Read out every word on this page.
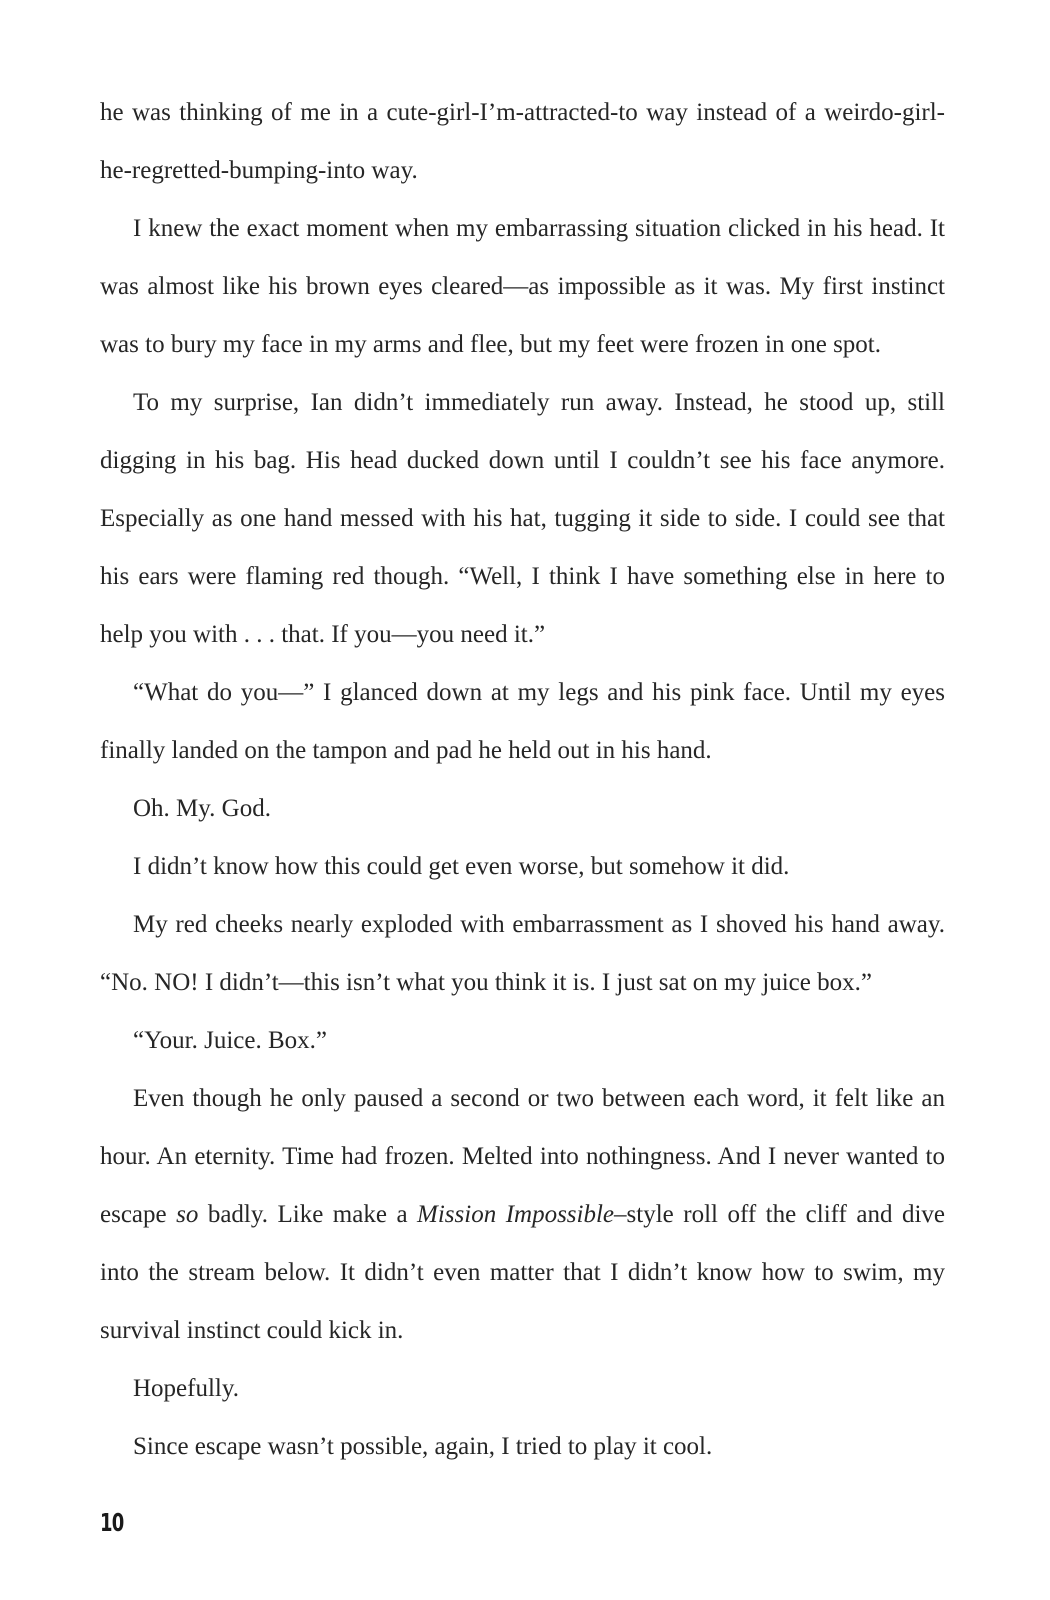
he was thinking of me in a cute-girl-I’m-attracted-to way instead of a weirdo-girl-he-regretted-bumping-into way.

I knew the exact moment when my embarrassing situation clicked in his head. It was almost like his brown eyes cleared—as impossible as it was. My first instinct was to bury my face in my arms and flee, but my feet were frozen in one spot.

To my surprise, Ian didn’t immediately run away. Instead, he stood up, still digging in his bag. His head ducked down until I couldn’t see his face anymore. Especially as one hand messed with his hat, tugging it side to side. I could see that his ears were flaming red though. “Well, I think I have something else in here to help you with . . . that. If you—you need it.”

“What do you—” I glanced down at my legs and his pink face. Until my eyes finally landed on the tampon and pad he held out in his hand.

Oh. My. God.

I didn’t know how this could get even worse, but somehow it did.

My red cheeks nearly exploded with embarrassment as I shoved his hand away. “No. NO! I didn’t—this isn’t what you think it is. I just sat on my juice box.”

“Your. Juice. Box.”

Even though he only paused a second or two between each word, it felt like an hour. An eternity. Time had frozen. Melted into nothingness. And I never wanted to escape so badly. Like make a Mission Impossible–style roll off the cliff and dive into the stream below. It didn’t even matter that I didn’t know how to swim, my survival instinct could kick in.

Hopefully.

Since escape wasn’t possible, again, I tried to play it cool.

10
